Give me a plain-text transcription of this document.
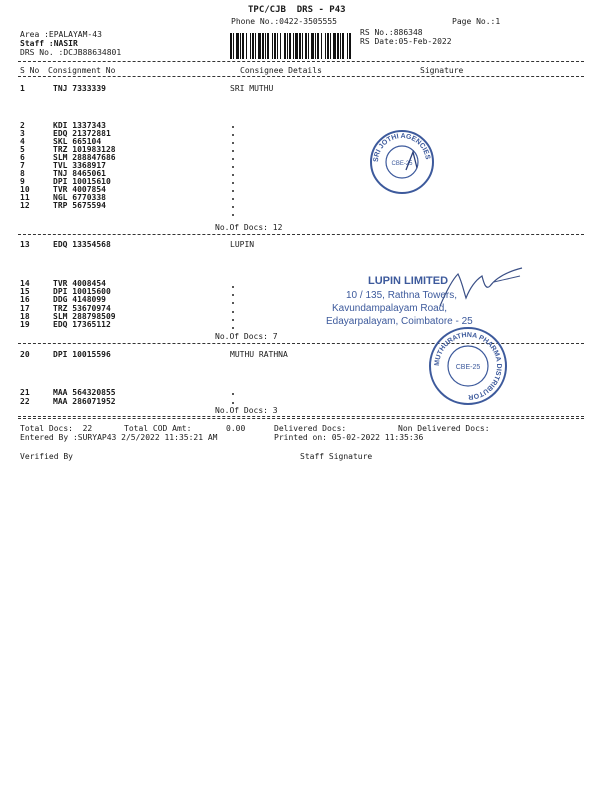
TPC/CJB  DRS - P43
Phone No.:0422-3505555	Page No.:1
Area :EPALAYAM-43
Staff :NASIR
DRS No. :DCJB88634801
RS No.:886348
RS Date:05-Feb-2022
S No Consignment No	Consignee Details	Signature
1	TNJ 7333339	SRI MUTHU
2	KDI 1337343
3	EDQ 21372881
4	SKL 665104
5	TRZ 101983128
6	SLM 288847686
7	TVL 3368917
8	TNJ 8465061
9	DPI 10015610
10	TVR 4007854
11	NGL 6770338
12	TRP 5675594
No.Of Docs: 12
13	EDQ 13354568	LUPIN
14	TVR 4008454
15	DPI 10015600
16	DDG 4148099
17	TRZ 53670974
18	SLM 288798509
19	EDQ 17365112
No.Of Docs: 7
20	DPI 10015596	MUTHU RATHNA
21	MAA 564320855
22	MAA 286071952
No.Of Docs: 3
Total Docs:  22	Total COD Amt:	0.00	Delivered Docs:	Non Delivered Docs:
Entered By :SURYAP43 2/5/2022 11:35:21 AM	Printed on: 05-02-2022 11:35:36
Verified By	Staff Signature
SRI JOTHI AGENCIES
CBE-25
LUPIN LIMITED
10 / 135, Rathna Towers,
Kavundampalayam Road,
Edayarpalayam, Coimbatore - 25
MUTHURATHNA PHARMA DISTRIBUTOR
CBE-25
